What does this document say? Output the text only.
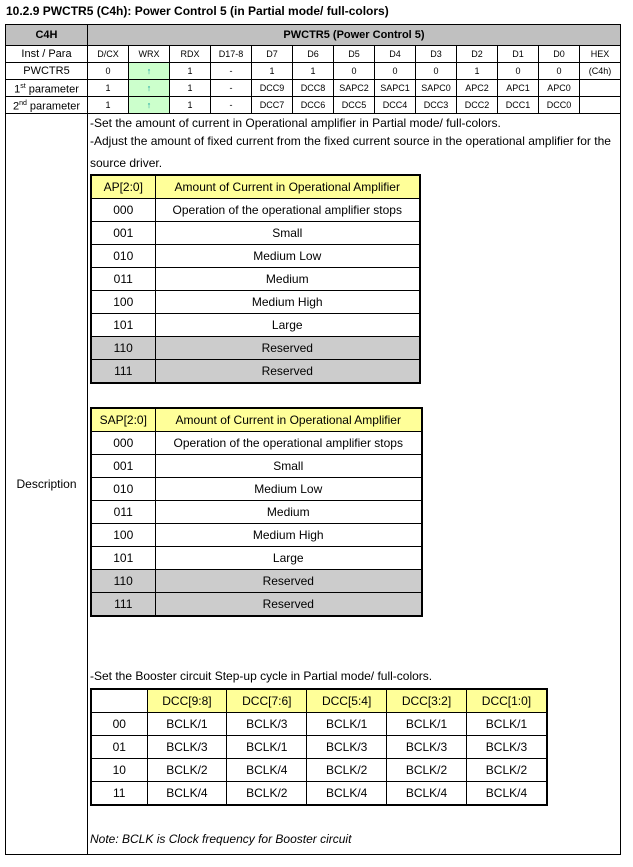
10.2.9 PWCTR5 (C4h): Power Control 5 (in Partial mode/ full-colors)
C4H	PWCTR5 (Power Control 5)
Inst / Para	D/CX	WRX	RDX	D17-8	D7	D6	D5	D4	D3	D2	D1	D0	HEX
PWCTR5	0	↑	1	-	1	1	0	0	0	1	0	0	(C4h)
1st parameter	1	↑	1	-	DCC9	DCC8	SAPC2	SAPC1	SAPC0	APC2	APC1	APC0	
2nd parameter	1	↑	1	-	DCC7	DCC6	DCC5	DCC4	DCC3	DCC2	DCC1	DCC0	
Description	
-Set the amount of current in Operational amplifier in Partial mode/ full-colors.
-Adjust the amount of fixed current from the fixed current source in the operational amplifier for the source driver.
AP[2:0]	Amount of Current in Operational Amplifier
000	Operation of the operational amplifier stops
001	Small
010	Medium Low
011	Medium
100	Medium High
101	Large
110	Reserved
111	Reserved
SAP[2:0]	Amount of Current in Operational Amplifier
000	Operation of the operational amplifier stops
001	Small
010	Medium Low
011	Medium
100	Medium High
101	Large
110	Reserved
111	Reserved
-Set the Booster circuit Step-up cycle in Partial mode/ full-colors.
	DCC[9:8]	DCC[7:6]	DCC[5:4]	DCC[3:2]	DCC[1:0]
00	BCLK/1	BCLK/3	BCLK/1	BCLK/1	BCLK/1
01	BCLK/3	BCLK/1	BCLK/3	BCLK/3	BCLK/3
10	BCLK/2	BCLK/4	BCLK/2	BCLK/2	BCLK/2
11	BCLK/4	BCLK/2	BCLK/4	BCLK/4	BCLK/4
Note: BCLK is Clock frequency for Booster circuit
